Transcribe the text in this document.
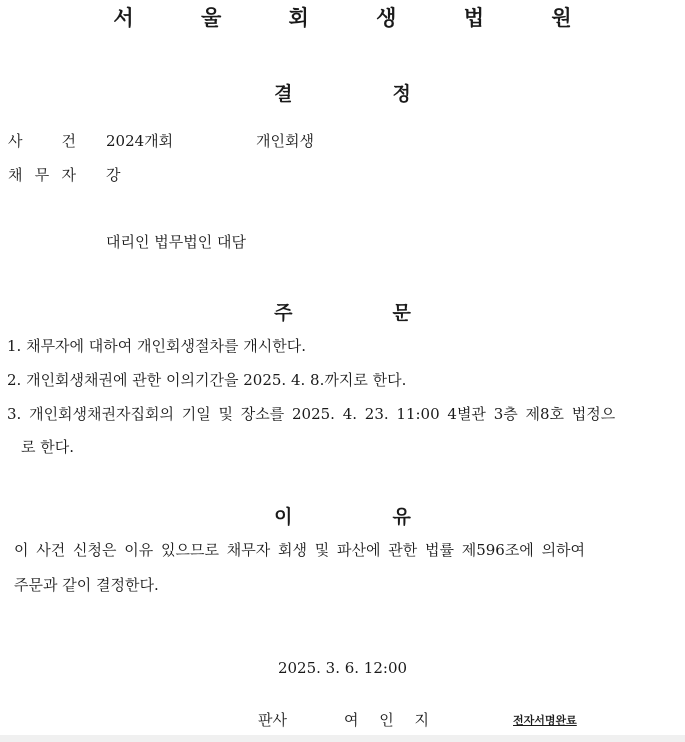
서 울 회 생 법 원
결	정
사	건 2024개회	개인회생
채 무 자 강
대리인 법무법인 대담
주	문
1. 채무자에 대하여 개인회생절차를 개시한다.
2. 개인회생채권에 관한 이의기간을 2025. 4. 8.까지로 한다.
3. 개인회생채권자집회의 기일 및 장소를 2025. 4. 23. 11:00 4별관 3층 제8호 법정으
로 한다.
이	유
이 사건 신청은 이유 있으므로 채무자 회생 및 파산에 관한 법률 제596조에 의하여
주문과 같이 결정한다.
2025. 3. 6. 12:00
판사	여 인 지	전자서명완료
